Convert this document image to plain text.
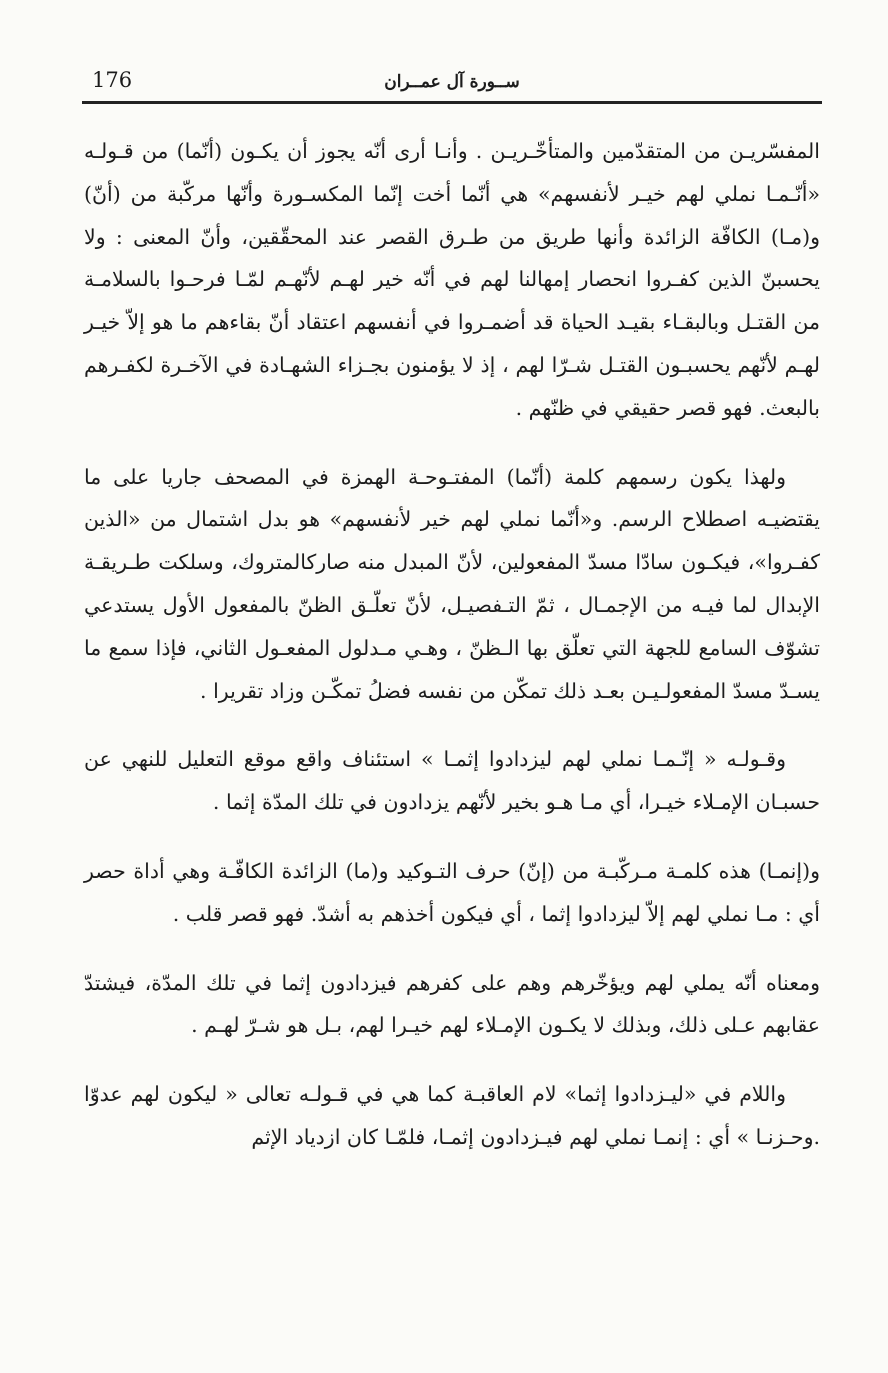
176	ســورة آل عمــران

المفسّريـن من المتقدّمين والمتأخّـريـن . وأنـا أرى أنّه يجوز أن يكـون (أنّما) من قـولـه «أنّـمـا نملي لهم خيـر لأنفسهم» هي أنّما أخت إنّما المكسـورة وأنّها مركّبة من (أنّ) و(مـا) الكافّة الزائدة وأنها طريق من طـرق القصر عند المحقّقين، وأنّ المعنى : ولا يحسبنّ الذين كفـروا انحصار إمهالنا لهم في أنّه خير لهـم لأنّهـم لمّـا فرحـوا بالسلامـة من القتـل وبالبقـاء بقيـد الحياة قد أضمـروا في أنفسهم اعتقاد أنّ بقاءهم ما هو إلاّ خيـر لهـم لأنّهم يحسبـون القتـل شـرّا لهم ، إذ لا يؤمنون بجـزاء الشهـادة في الآخـرة لكفـرهم بالبعث. فهو قصر حقيقي في ظنّهم .

ولهذا يكون رسمهم كلمة (أنّما) المفتـوحـة الهمزة في المصحف جاريا على ما يقتضيـه اصطلاح الرسم. و«أنّما نملي لهم خير لأنفسهم» هو بدل اشتمال من «الذين كفـروا»، فيكـون سادّا مسدّ المفعولين، لأنّ المبدل منه صاركالمتروك، وسلكت طـريقـة الإبدال لما فيـه من الإجمـال ، ثمّ التـفصيـل، لأنّ تعلّـق الظنّ بالمفعول الأول يستدعي تشوّف السامع للجهة التي تعلّق بها الـظنّ ، وهـي مـدلول المفعـول الثاني، فإذا سمع ما يسـدّ مسدّ المفعولـيـن بعـد ذلك تمكّن من نفسه فضلُ تمكّـن وزاد تقريرا .

وقـولـه « إنّـمـا نملي لهم ليزدادوا إثمـا » استئناف واقع موقع التعليل للنهي عن حسبـان الإمـلاء خيـرا، أي مـا هـو بخير لأنّهم يزدادون في تلك المدّة إثما .

و(إنمـا) هذه كلمـة مـركّبـة من (إنّ) حرف التـوكيد و(ما) الزائدة الكافّـة وهي أداة حصر أي : مـا نملي لهم إلاّ ليزدادوا إثما ، أي فيكون أخذهم به أشدّ. فهو قصر قلب .

ومعناه أنّه يملي لهم ويؤخّرهم وهم على كفرهم فيزدادون إثما في تلك المدّة، فيشتدّ عقابهم عـلى ذلك، وبذلك لا يكـون الإمـلاء لهم خيـرا لهم، بـل هو شـرّ لهـم .

واللام في «ليـزدادوا إثما» لام العاقبـة كما هي في قـولـه تعالى « ليكون لهم عدوّا .وحـزنـا » أي : إنمـا نملي لهم فيـزدادون إثمـا، فلمّـا كان ازدياد الإثم
